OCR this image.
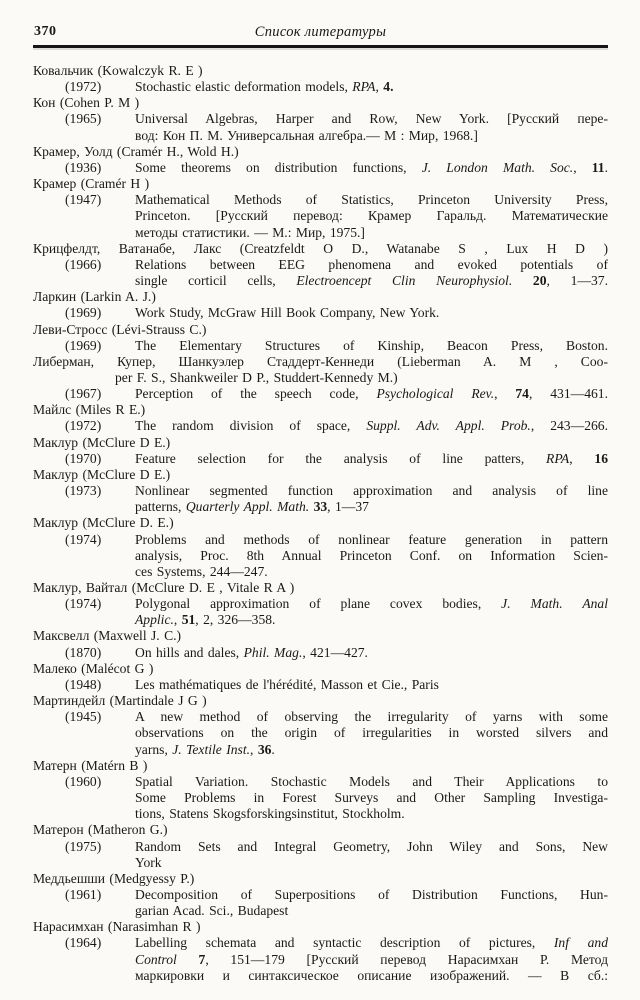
370	Список литературы
Ковальчик (Kowalczyk R. E )
(1972) Stochastic elastic deformation models, RPA, 4.
Кон (Cohen P. M )
(1965) Universal Algebras, Harper and Row, New York. [Русский пере-
вод: Кон П. М. Универсальная алгебра.— М : Мир, 1968.]
Крамер, Уолд (Cramér H., Wold H.)
(1936) Some theorems on distribution functions, J. London Math. Soc., 11.
Крамер (Cramér H )
(1947) Mathematical Methods of Statistics, Princeton University Press,
Princeton. [Русский перевод: Крамер Гаральд. Математические
методы статистики. — М.: Мир, 1975.]
Крицфелдт, Ватанабе, Лакс (Creatzfeldt O D., Watanabe S , Lux H D )
(1966) Relations between EEG phenomena and evoked potentials of
single corticil cells, Electroencept Clin Neurophysiol. 20, 1—37.
Ларкин (Larkin A. J.)
(1969) Work Study, McGraw Hill Book Company, New York.
Леви-Стросс (Lévi-Strauss C.)
(1969) The Elementary Structures of Kinship, Beacon Press, Boston.
Либерман, Купер, Шанкуэлер Стаддерт-Кеннеди (Lieberman A. M , Coo-
per F. S., Shankweiler D P., Studdert-Kennedy M.)
(1967) Perception of the speech code, Psychological Rev., 74, 431—461.
Майлс (Miles R E.)
(1972) The random division of space, Suppl. Adv. Appl. Prob., 243—266.
Маклур (McClure D E.)
(1970) Feature selection for the analysis of line patters, RPA, 16
Маклур (McClure D E.)
(1973) Nonlinear segmented function approximation and analysis of line
patterns, Quarterly Appl. Math. 33, 1—37
Маклур (McClure D. E.)
(1974) Problems and methods of nonlinear feature generation in pattern
analysis, Proc. 8th Annual Princeton Conf. on Information Scien-
ces Systems, 244—247.
Маклур, Вайтал (McClure D. E , Vitale R A )
(1974) Polygonal approximation of plane covex bodies, J. Math. Anal
Applic., 51, 2, 326—358.
Максвелл (Maxwell J. C.)
(1870) On hills and dales, Phil. Mag., 421—427.
Малеко (Malécot G )
(1948) Les mathématiques de l'hérédité, Masson et Cie., Paris
Мартиндейл (Martindale J G )
(1945) A new method of observing the irregularity of yarns with some
observations on the origin of irregularities in worsted silvers and
yarns, J. Textile Inst., 36.
Матерн (Matérn B )
(1960) Spatial Variation. Stochastic Models and Their Applications to
Some Problems in Forest Surveys and Other Sampling Investiga-
tions, Statens Skogsforskingsinstitut, Stockholm.
Матерон (Matheron G.)
(1975) Random Sets and Integral Geometry, John Wiley and Sons, New
York
Меддьешши (Medgyessy P.)
(1961) Decomposition of Superpositions of Distribution Functions, Hun-
garian Acad. Sci., Budapest
Нарасимхан (Narasimhan R )
(1964) Labelling schemata and syntactic description of pictures, Inf and
Control 7, 151—179 [Русский перевод Нарасимхан Р. Метод
маркировки и синтаксическое описание изображений. — В сб.:
